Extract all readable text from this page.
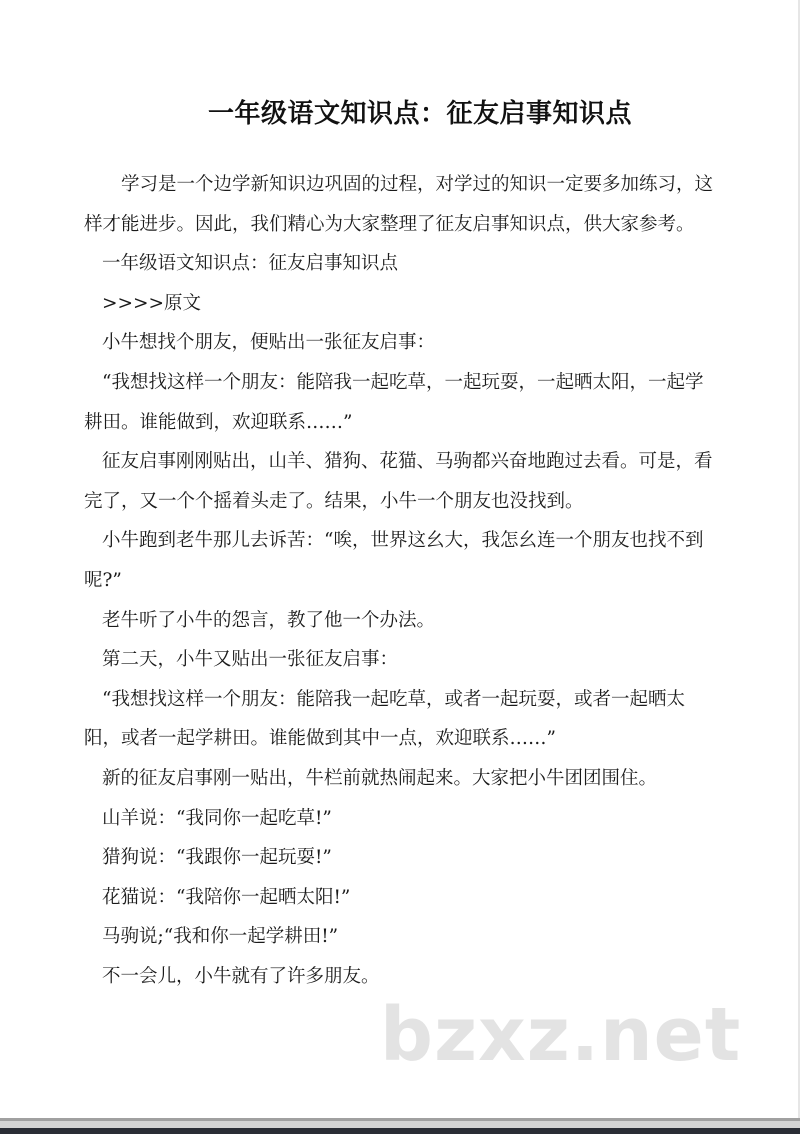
一年级语文知识点：征友启事知识点

学习是一个边学新知识边巩固的过程，对学过的知识一定要多加练习，这样才能进步。因此，我们精心为大家整理了征友启事知识点，供大家参考。

一年级语文知识点：征友启事知识点

>>>>原文

小牛想找个朋友，便贴出一张征友启事：

“我想找这样一个朋友：能陪我一起吃草，一起玩耍，一起晒太阳，一起学耕田。谁能做到，欢迎联系……”

征友启事刚刚贴出，山羊、猎狗、花猫、马驹都兴奋地跑过去看。可是，看完了，又一个个摇着头走了。结果，小牛一个朋友也没找到。

小牛跑到老牛那儿去诉苦：“唉，世界这幺大，我怎幺连一个朋友也找不到呢?”

老牛听了小牛的怨言，教了他一个办法。

第二天，小牛又贴出一张征友启事：

“我想找这样一个朋友：能陪我一起吃草，或者一起玩耍，或者一起晒太阳，或者一起学耕田。谁能做到其中一点，欢迎联系……”

新的征友启事刚一贴出，牛栏前就热闹起来。大家把小牛团团围住。

山羊说：“我同你一起吃草!”

猎狗说：“我跟你一起玩耍!”

花猫说：“我陪你一起晒太阳!”

马驹说;“我和你一起学耕田!”

不一会儿，小牛就有了许多朋友。

bzxz.net
